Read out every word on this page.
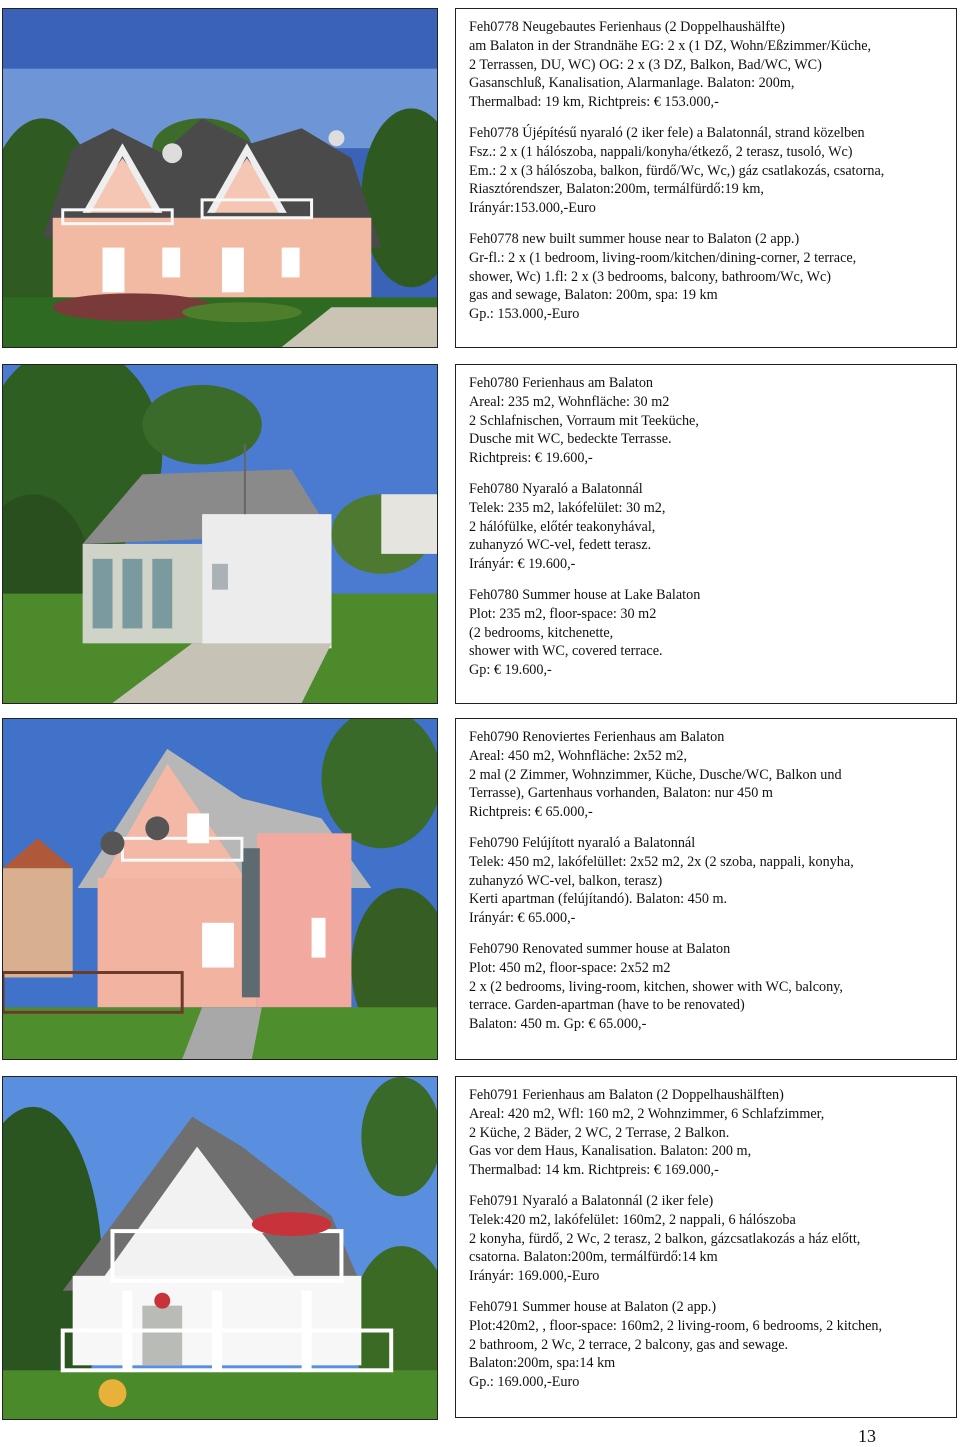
Feh0778 Neugebautes Ferienhaus (2 Doppelhaushälfte)
am Balaton in der Strandnähe EG: 2 x (1 DZ, Wohn/Eßzimmer/Küche,
2 Terrassen, DU, WC) OG: 2 x (3 DZ, Balkon, Bad/WC, WC)
Gasanschluß, Kanalisation, Alarmanlage. Balaton: 200m,
Thermalbad: 19 km, Richtpreis: € 153.000,-
Feh0778 Újépítésű nyaraló (2 iker fele) a Balatonnál, strand közelben
Fsz.: 2 x (1 hálószoba, nappali/konyha/étkező, 2 terasz, tusoló, Wc)
Em.: 2 x (3 hálószoba, balkon, fürdő/Wc, Wc,) gáz csatlakozás, csatorna,
Riasztórendszer, Balaton:200m, termálfürdő:19 km,
Irányár:153.000,-Euro
Feh0778 new built summer house near to Balaton (2 app.)
Gr-fl.: 2 x (1 bedroom, living-room/kitchen/dining-corner, 2 terrace,
shower, Wc) 1.fl: 2 x (3 bedrooms, balcony, bathroom/Wc, Wc)
gas and sewage, Balaton: 200m, spa: 19 km
Gp.: 153.000,-Euro
Feh0780 Ferienhaus am Balaton
Areal: 235 m2, Wohnfläche: 30 m2
2 Schlafnischen, Vorraum mit Teeküche,
Dusche mit WC, bedeckte Terrasse.
Richtpreis: € 19.600,-
Feh0780 Nyaraló a Balatonnál
Telek: 235 m2, lakófelület: 30 m2,
2 hálófülke, előtér teakonyhával,
zuhanyzó WC-vel, fedett terasz.
Irányár: € 19.600,-
Feh0780 Summer house at Lake Balaton
Plot: 235 m2, floor-space: 30 m2
(2 bedrooms, kitchenette,
shower with WC, covered terrace.
Gp: € 19.600,-
Feh0790 Renoviertes Ferienhaus am Balaton
Areal: 450 m2, Wohnfläche: 2x52 m2,
2 mal (2 Zimmer, Wohnzimmer, Küche, Dusche/WC, Balkon und
Terrasse), Gartenhaus vorhanden, Balaton: nur 450 m
Richtpreis: € 65.000,-
Feh0790 Felújított nyaraló a Balatonnál
Telek: 450 m2, lakófelüllet: 2x52 m2, 2x (2 szoba, nappali, konyha,
zuhanyzó WC-vel, balkon, terasz)
Kerti apartman (felújítandó). Balaton: 450 m.
Irányár: € 65.000,-
Feh0790 Renovated summer house at Balaton
Plot: 450 m2, floor-space: 2x52 m2
2 x (2 bedrooms, living-room, kitchen, shower with WC, balcony,
terrace. Garden-apartman (have to be renovated)
Balaton: 450 m. Gp: € 65.000,-
Feh0791 Ferienhaus am Balaton (2 Doppelhaushälften)
Areal: 420 m2, Wfl: 160 m2, 2 Wohnzimmer, 6 Schlafzimmer,
2 Küche, 2 Bäder, 2 WC, 2 Terrase, 2 Balkon.
Gas vor dem Haus, Kanalisation. Balaton: 200 m,
Thermalbad: 14 km. Richtpreis: € 169.000,-
Feh0791 Nyaraló a Balatonnál (2 iker fele)
Telek:420 m2, lakófelület: 160m2, 2 nappali, 6 hálószoba
2 konyha, fürdő, 2 Wc, 2 terasz, 2 balkon, gázcsatlakozás a ház előtt,
csatorna. Balaton:200m, termálfürdő:14 km
Irányár: 169.000,-Euro
Feh0791 Summer house at Balaton (2 app.)
Plot:420m2, , floor-space: 160m2, 2 living-room, 6 bedrooms, 2 kitchen,
2 bathroom, 2 Wc, 2 terrace, 2 balcony, gas and sewage.
Balaton:200m, spa:14 km
Gp.: 169.000,-Euro
13
